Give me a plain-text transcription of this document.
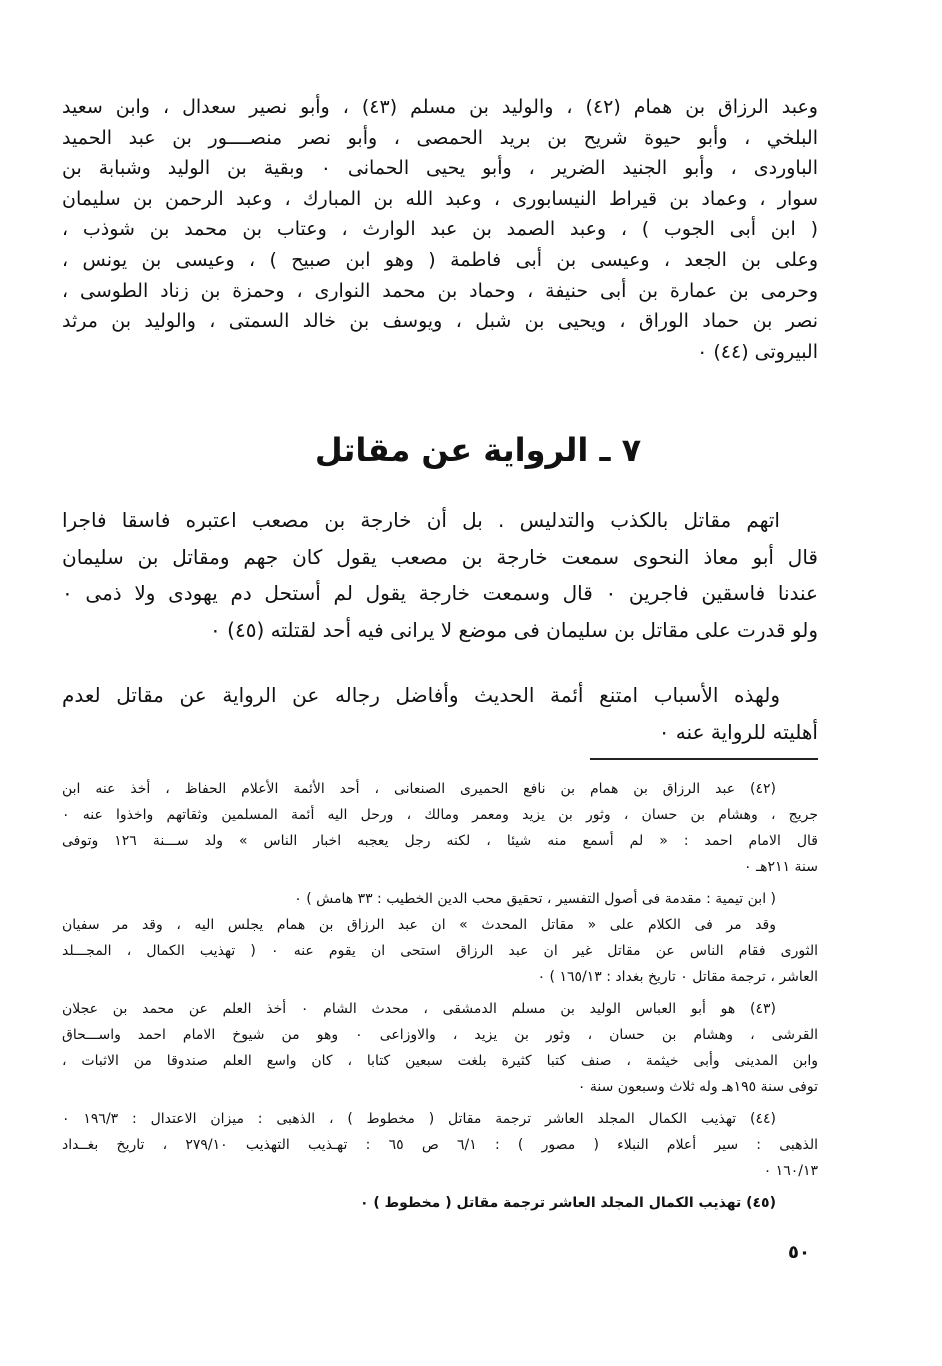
وعبد الرزاق بن همام (٤٢) ، والوليد بن مسلم (٤٣) ، وأبو نصير سعدال ، وابن سعيد
البلخي ، وأبو حيوة شريح بن بريد الحمصى ، وأبو نصر منصــــور بن عبد الحميد
الباوردى ، وأبو الجنيد الضرير ، وأبو يحيى الحمانى ٠ وبقية بن الوليد وشبابة بن
سوار ، وعماد بن قيراط النيسابورى ، وعبد الله بن المبارك ، وعبد الرحمن بن سليمان
( ابن أبى الجوب ) ، وعبد الصمد بن عبد الوارث ، وعتاب بن محمد بن شوذب ،
وعلى بن الجعد ، وعيسى بن أبى فاطمة ( وهو ابن صبيح ) ، وعيسى بن يونس ،
وحرمى بن عمارة بن أبى حنيفة ، وحماد بن محمد النوارى ، وحمزة بن زناد الطوسى ،
نصر بن حماد الوراق ، ويحيى بن شبل ، ويوسف بن خالد السمتى ، والوليد بن مرثد
البيروتى (٤٤) ٠
٧ ـ الرواية عن مقاتل
اتهم مقاتل بالكذب والتدليس . بل أن خارجة بن مصعب اعتبره فاسقا فاجرا
قال أبو معاذ النحوى سمعت خارجة بن مصعب يقول كان جهم ومقاتل بن سليمان
عندنا فاسقين فاجرين ٠ قال وسمعت خارجة يقول لم أستحل دم يهودى ولا ذمى ٠
ولو قدرت على مقاتل بن سليمان فى موضع لا يرانى فيه أحد لقتلته (٤٥) ٠
ولهذه الأسباب امتنع أئمة الحديث وأفاضل رجاله عن الرواية عن مقاتل لعدم
أهليته للرواية عنه ٠
(٤٢) عبد الرزاق بن همام بن نافع الحميرى الصنعانى ، أحد الأئمة الأعلام الحفاظ ، أخذ عنه ابن
جريج ، وهشام بن حسان ، وثور بن يزيد ومعمر ومالك ، ورحل اليه أئمة المسلمين وثقاتهم واخذوا عنه ٠
قال الامام احمد : « لم أسمع منه شيئا ، لكنه رجل يعجبه اخبار الناس » ولد ســـنة ١٢٦ وتوفى
سنة ٢١١هـ ٠
( ابن تيمية : مقدمة فى أصول التفسير ، تحقيق محب الدين الخطيب : ٣٣ هامش ) ٠
وقد مر فى الكلام على « مقاتل المحدث » ان عبد الرزاق بن همام يجلس اليه ، وقد مر سفيان
الثورى فقام الناس عن مقاتل غير ان عبد الرزاق استحى ان يقوم عنه ٠ ( تهذيب الكمال ، المجـــلد
العاشر ، ترجمة مقاتل ٠ تاريخ بغداد : ١٦٥/١٣ ) ٠
(٤٣) هو أبو العباس الوليد بن مسلم الدمشقى ، محدث الشام ٠ أخذ العلم عن محمد بن عجلان
القرشى ، وهشام بن حسان ، وثور بن يزيد ، والاوزاعى ٠ وهو من شيوخ الامام احمد واســـحاق
وابن المدينى وأبى خيثمة ، صنف كتبا كثيرة بلغت سبعين كتابا ، كان واسع العلم صندوقا من الاثبات ،
توفى سنة ١٩٥هـ وله ثلاث وسبعون سنة ٠
(٤٤) تهذيب الكمال المجلد العاشر ترجمة مقاتل ( مخطوط ) ، الذهبى : ميزان الاعتدال : ١٩٦/٣ ٠
الذهبى : سير أعلام النبلاء ( مصور ) : ٦/١ ص ٦٥ : تهـذيب التهذيب ٢٧٩/١٠ ، تاريخ بغــداد
١٦٠/١٣ ٠
(٤٥) تهذيب الكمال المجلد العاشر ترجمة مقاتل ( مخطوط ) ٠
٥٠
